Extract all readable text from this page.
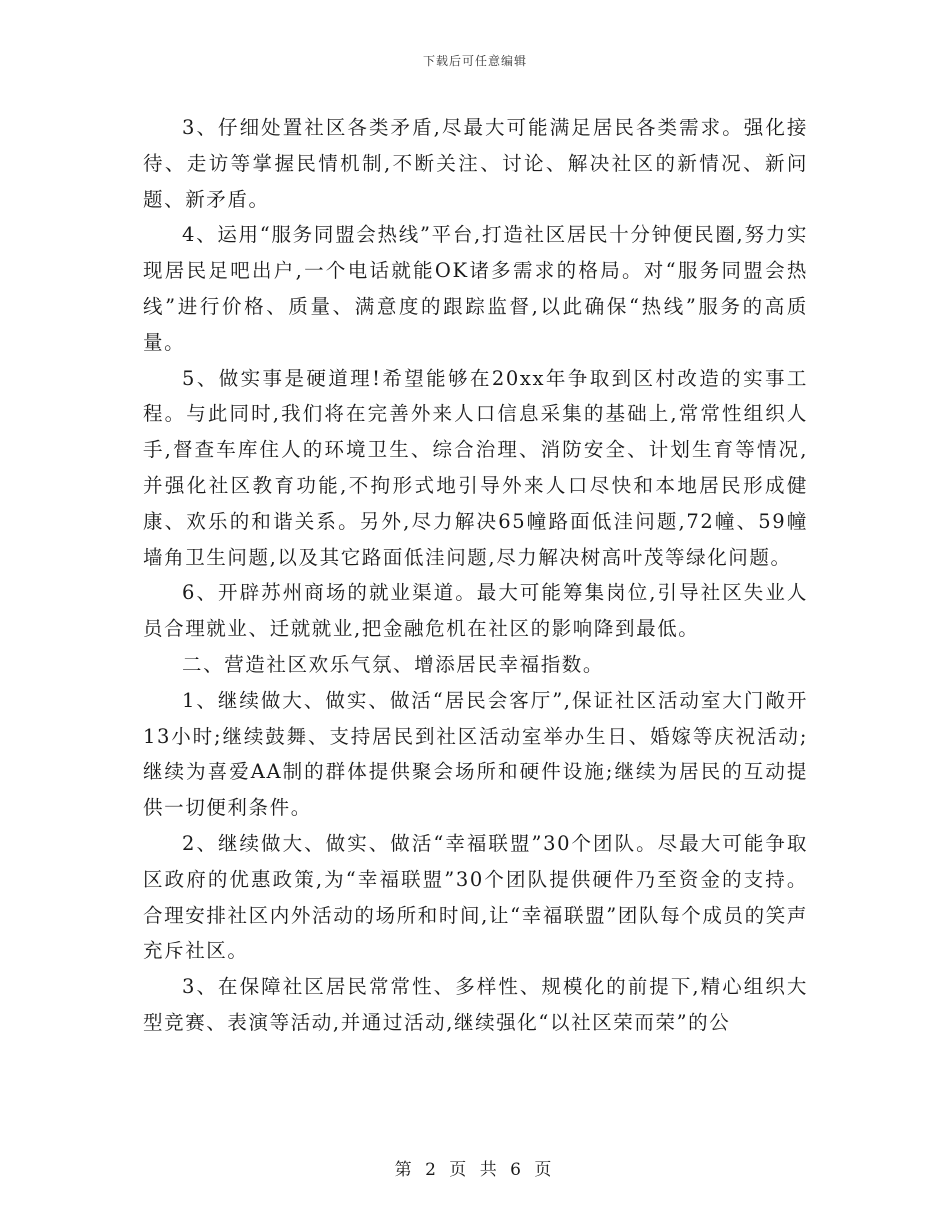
下载后可任意编辑

3、仔细处置社区各类矛盾,尽最大可能满足居民各类需求。强化接待、走访等掌握民情机制,不断关注、讨论、解决社区的新情况、新问题、新矛盾。

4、运用“服务同盟会热线”平台,打造社区居民十分钟便民圈,努力实现居民足吧出户,一个电话就能OK诸多需求的格局。对“服务同盟会热线”进行价格、质量、满意度的跟踪监督,以此确保“热线”服务的高质量。

5、做实事是硬道理!希望能够在20xx年争取到区村改造的实事工程。与此同时,我们将在完善外来人口信息采集的基础上,常常性组织人手,督查车库住人的环境卫生、综合治理、消防安全、计划生育等情况,并强化社区教育功能,不拘形式地引导外来人口尽快和本地居民形成健康、欢乐的和谐关系。另外,尽力解决65幢路面低洼问题,72幢、59幢墙角卫生问题,以及其它路面低洼问题,尽力解决树高叶茂等绿化问题。

6、开辟苏州商场的就业渠道。最大可能筹集岗位,引导社区失业人员合理就业、迁就就业,把金融危机在社区的影响降到最低。

二、营造社区欢乐气氛、增添居民幸福指数。

1、继续做大、做实、做活“居民会客厅”,保证社区活动室大门敞开13小时;继续鼓舞、支持居民到社区活动室举办生日、婚嫁等庆祝活动;继续为喜爱AA制的群体提供聚会场所和硬件设施;继续为居民的互动提供一切便利条件。

2、继续做大、做实、做活“幸福联盟”30个团队。尽最大可能争取区政府的优惠政策,为“幸福联盟”30个团队提供硬件乃至资金的支持。合理安排社区内外活动的场所和时间,让“幸福联盟”团队每个成员的笑声充斥社区。

3、在保障社区居民常常性、多样性、规模化的前提下,精心组织大型竞赛、表演等活动,并通过活动,继续强化“以社区荣而荣”的公

第 2 页 共 6 页
